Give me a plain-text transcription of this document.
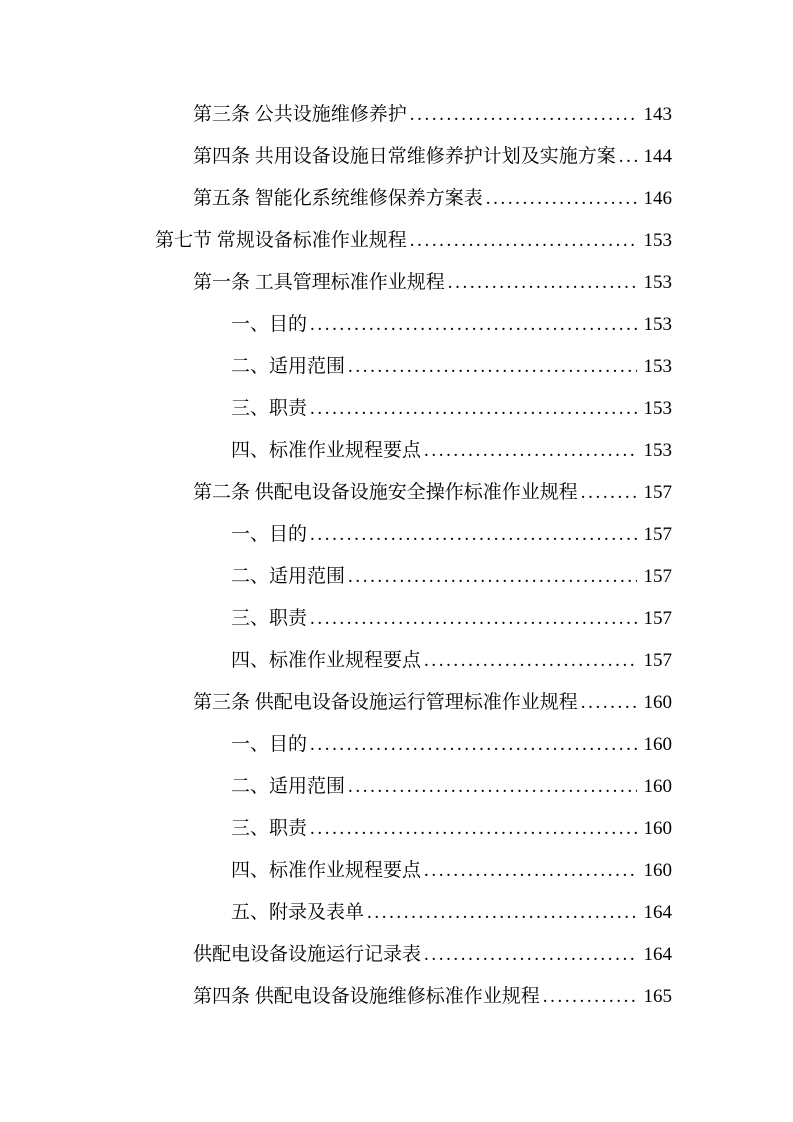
第三条 公共设施维修养护 .....	143
第四条 共用设备设施日常维修养护计划及实施方案 ..... 144
第五条 智能化系统维修保养方案表 .....	146
第七节 常规设备标准作业规程 .....	153
第一条 工具管理标准作业规程 .....	153
一、目的 .....	153
二、适用范围 .....	153
三、职责 .....	153
四、标准作业规程要点 .....	153
第二条 供配电设备设施安全操作标准作业规程 .....	157
一、目的 .....	157
二、适用范围 .....	157
三、职责 .....	157
四、标准作业规程要点 .....	157
第三条 供配电设备设施运行管理标准作业规程 .....	160
一、目的 .....	160
二、适用范围 .....	160
三、职责 .....	160
四、标准作业规程要点 .....	160
五、附录及表单 .....	164
供配电设备设施运行记录表 .....	164
第四条 供配电设备设施维修标准作业规程 .....	165
